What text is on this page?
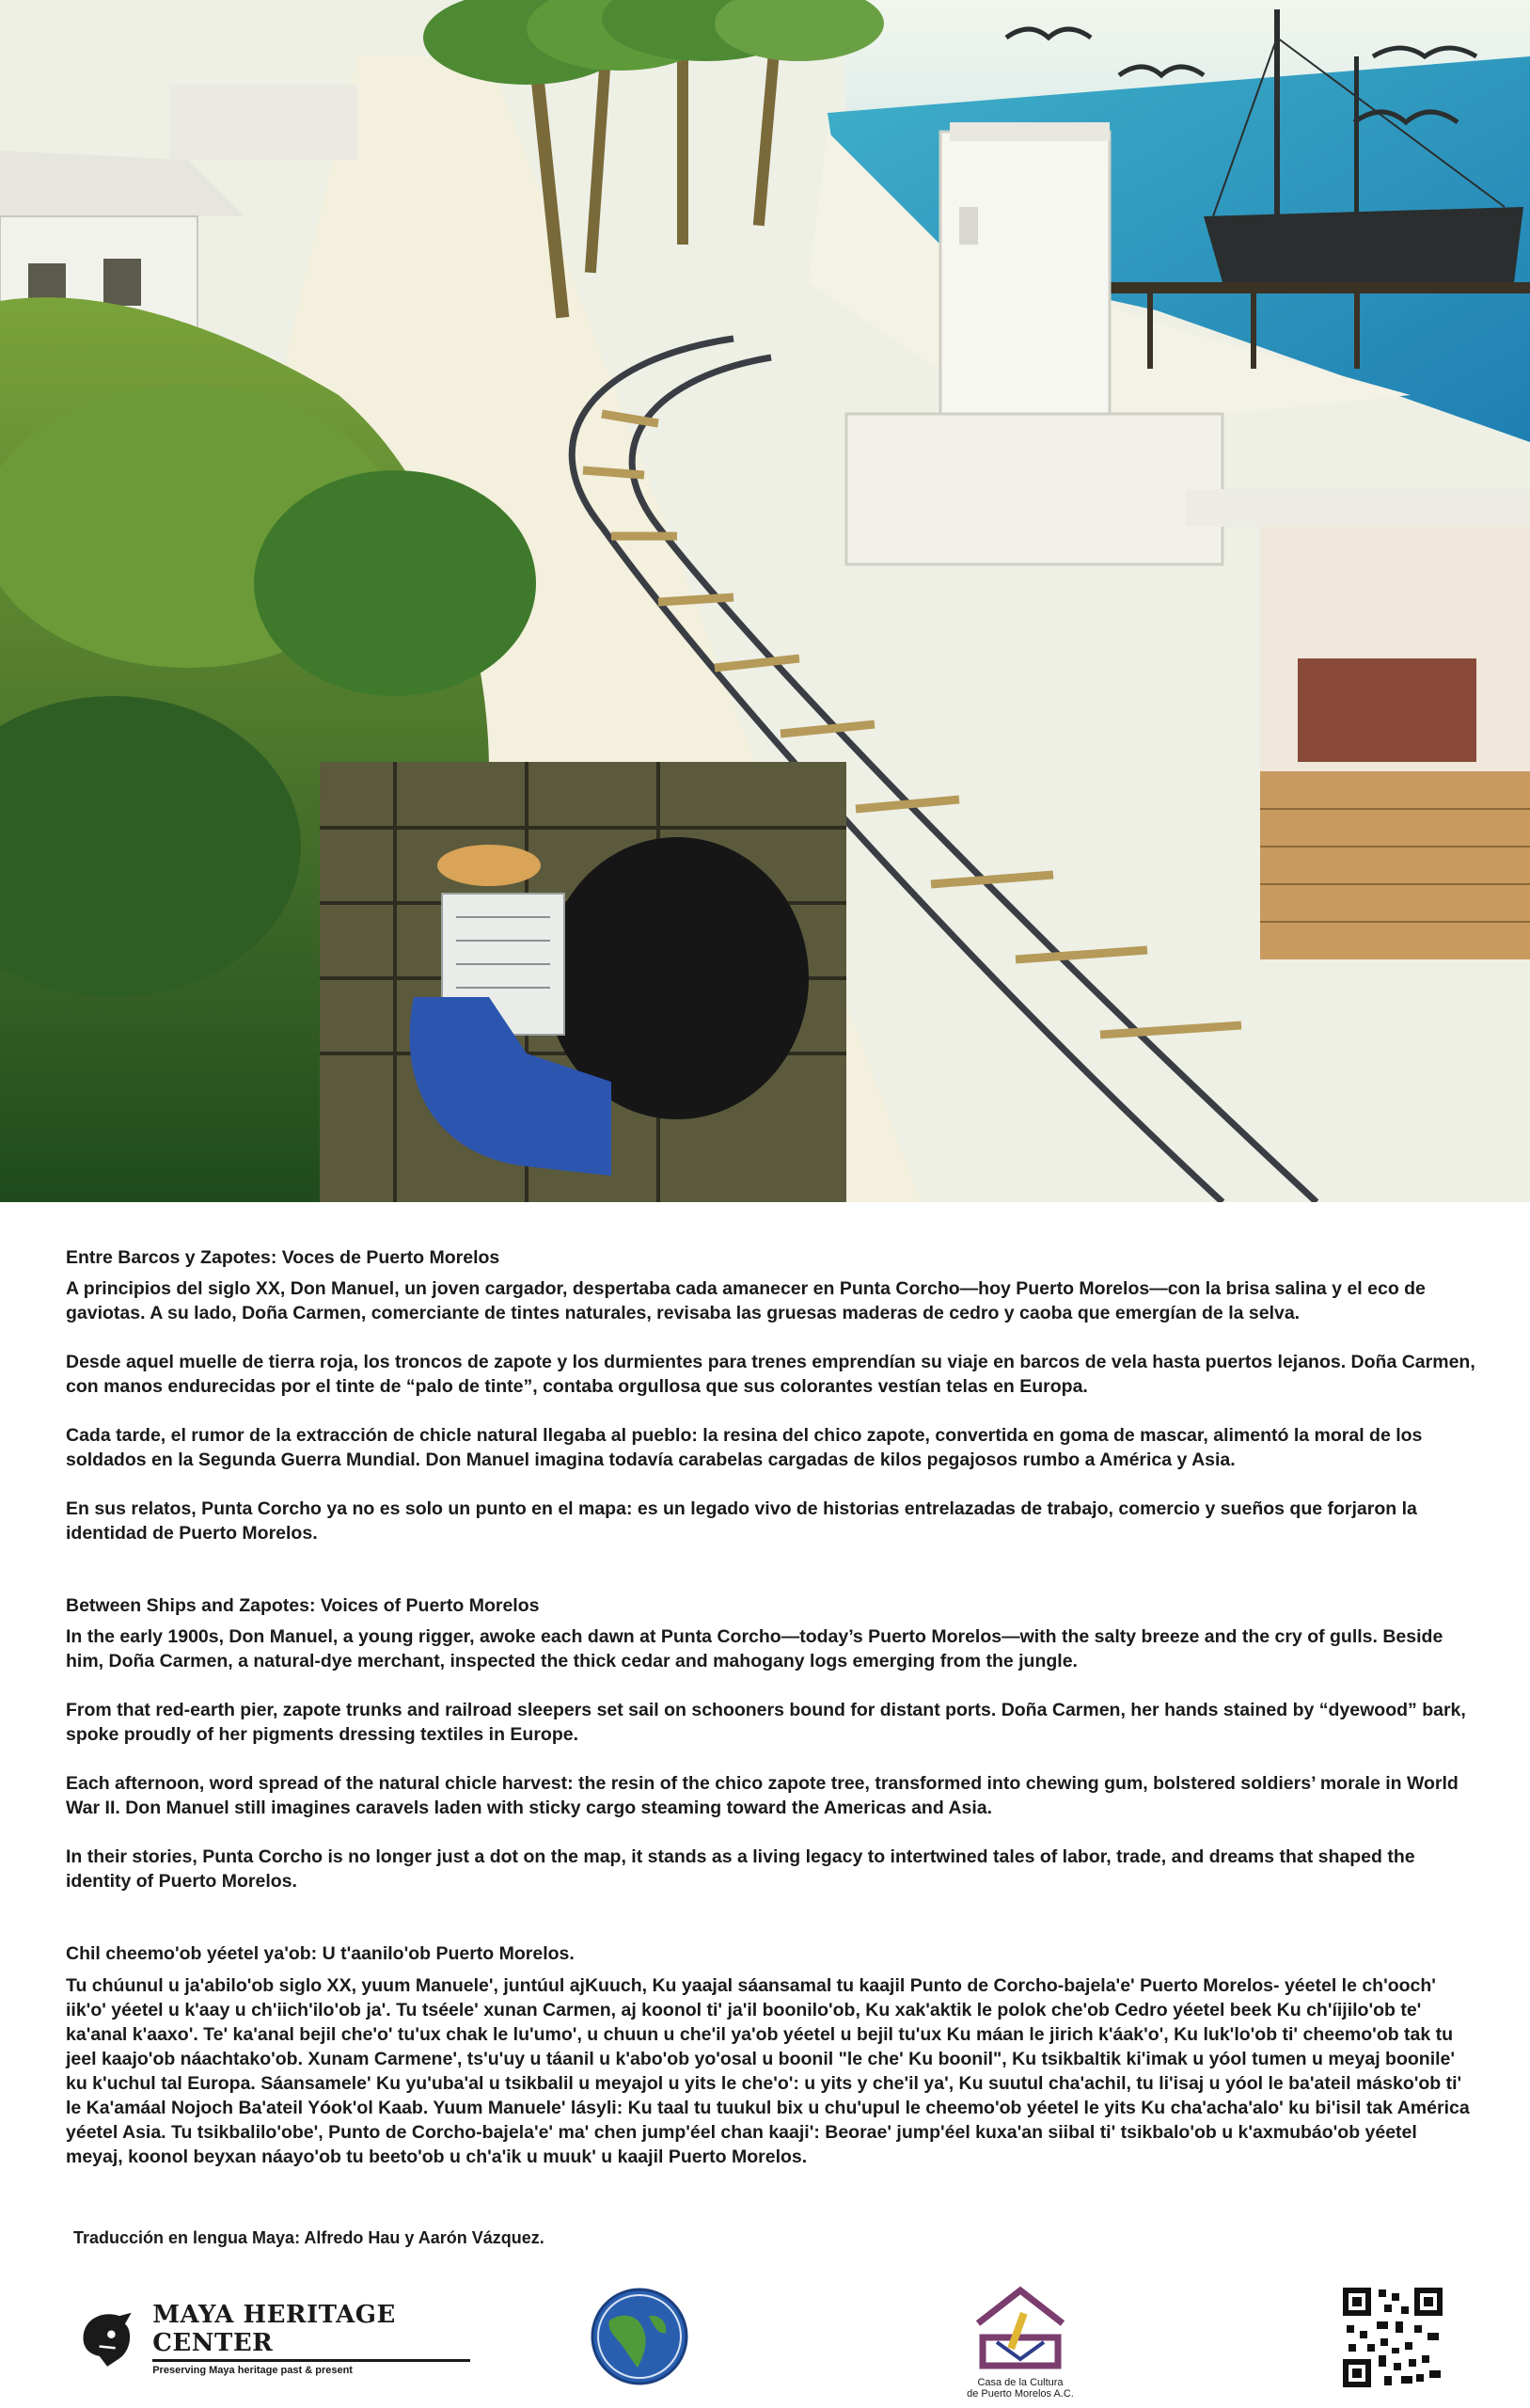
Entre Barcos y Zapotes: Voces de Puerto Morelos

A principios del siglo XX, Don Manuel, un joven cargador, despertaba cada amanecer en Punta Corcho—hoy Puerto Morelos—con la brisa salina y el eco de gaviotas. A su lado, Doña Carmen, comerciante de tintes naturales, revisaba las gruesas maderas de cedro y caoba que emergían de la selva.

Desde aquel muelle de tierra roja, los troncos de zapote y los durmientes para trenes emprendían su viaje en barcos de vela hasta puertos lejanos. Doña Carmen, con manos endurecidas por el tinte de “palo de tinte”, contaba orgullosa que sus colorantes vestían telas en Europa.

Cada tarde, el rumor de la extracción de chicle natural llegaba al pueblo: la resina del chico zapote, convertida en goma de mascar, alimentó la moral de los soldados en la Segunda Guerra Mundial. Don Manuel imagina todavía carabelas cargadas de kilos pegajosos rumbo a América y Asia.

En sus relatos, Punta Corcho ya no es solo un punto en el mapa: es un legado vivo de historias entrelazadas de trabajo, comercio y sueños que forjaron la identidad de Puerto Morelos.

Between Ships and Zapotes: Voices of Puerto Morelos

In the early 1900s, Don Manuel, a young rigger, awoke each dawn at Punta Corcho—today’s Puerto Morelos—with the salty breeze and the cry of gulls. Beside him, Doña Carmen, a natural-dye merchant, inspected the thick cedar and mahogany logs emerging from the jungle.

From that red-earth pier, zapote trunks and railroad sleepers set sail on schooners bound for distant ports. Doña Carmen, her hands stained by “dyewood” bark, spoke proudly of her pigments dressing textiles in Europe.

Each afternoon, word spread of the natural chicle harvest: the resin of the chico zapote tree, transformed into chewing gum, bolstered soldiers’ morale in World War II. Don Manuel still imagines caravels laden with sticky cargo steaming toward the Americas and Asia.

In their stories, Punta Corcho is no longer just a dot on the map, it stands as a living legacy to intertwined tales of labor, trade, and dreams that shaped the identity of Puerto Morelos.

Chil cheemo'ob yéetel ya'ob: U t'aanilo'ob Puerto Morelos.

Tu chúunul u ja'abilo'ob siglo XX, yuum Manuele', juntúul ajKuuch, Ku yaajal sáansamal tu kaajil Punto de Corcho-bajela'e' Puerto Morelos- yéetel le ch'ooch' iik'o' yéetel u k'aay u ch'iich'ilo'ob ja'. Tu tséele' xunan Carmen, aj koonol ti' ja'il boonilo'ob, Ku xak'aktik le polok che'ob Cedro yéetel beek Ku ch'íijilo'ob te' ka'anal k'aaxo'. Te' ka'anal bejil che'o' tu'ux chak le lu'umo', u chuun u che'il ya'ob yéetel u bejil tu'ux Ku máan le jirich k'áak'o', Ku luk'lo'ob ti' cheemo'ob tak tu jeel kaajo'ob náachtako'ob. Xunam Carmene', ts'u'uy u táanil u k'abo'ob yo'osal u boonil "le che' Ku boonil", Ku tsikbaltik ki'imak u yóol tumen u meyaj boonile' ku k'uchul tal Europa. Sáansamele' Ku yu'uba'al u tsikbalil u meyajol u yits le che'o': u yits y che'il ya', Ku suutul cha'achil, tu li'isaj u yóol le ba'ateil másko'ob ti' le Ka'amáal Nojoch Ba'ateil Yóok'ol Kaab. Yuum Manuele' lásyli: Ku taal tu tuukul bix u chu'upul le cheemo'ob yéetel le yits Ku cha'acha'alo' ku bi'isil tak América yéetel Asia. Tu tsikbalilo'obe', Punto de Corcho-bajela'e' ma' chen jump'éel chan kaaji': Beorae' jump'éel kuxa'an siibal ti' tsikbalo'ob u k'axmubáo'ob yéetel meyaj, koonol beyxan náayo'ob tu beeto'ob u ch'a'ik u muuk' u kaajil Puerto Morelos.

Traducción en lengua Maya: Alfredo Hau y Aarón Vázquez.
MAYA HERITAGE CENTER
Preserving Maya heritage past & present
Casa de la Cultura
de Puerto Morelos A.C.
